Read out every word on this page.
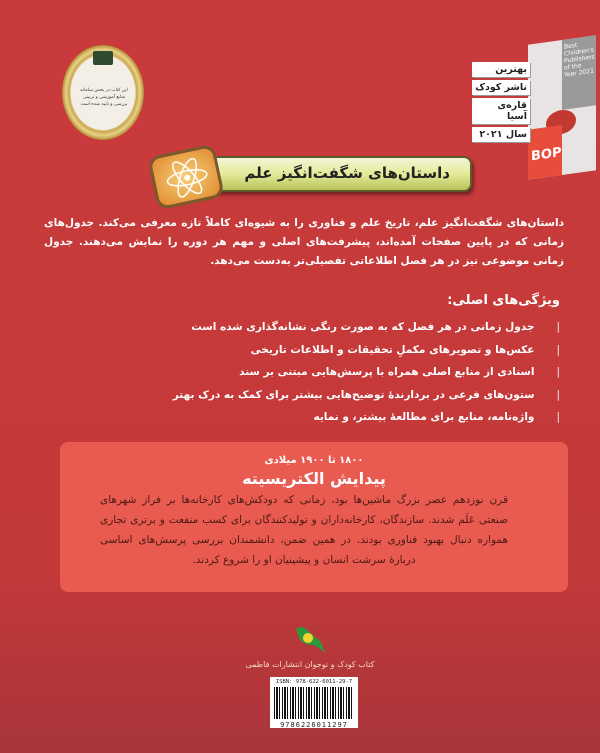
این کتاب در بخش سامانه منابع آموزشی و تربیتی بررسی و تایید شده است
Best Children's Publishers of the Year 2021
BOP
بهترین
ناشر کودک
قاره‌ی آسیا
سال ۲۰۲۱
داستان‌های شگفت‌انگیز علم

داستان‌های شگفت‌انگیز علم، تاریخ علم و فناوری را به شیوه‌ای کاملاً تازه معرفی می‌کند. جدول‌های زمانی که در پایین صفحات آمده‌اند، پیشرفت‌های اصلی و مهم هر دوره را نمایش می‌دهند. جدول زمانی موضوعی نیز در هر فصل اطلاعاتی تفصیلی‌تر به‌دست می‌دهد.

ویژگی‌های اصلی:
|
جدول زمانی در هر فصل که به صورت رنگی نشانه‌گذاری شده است
|
عکس‌ها و تصویرهای مکملِ تحقیقات و اطلاعات تاریخی
|
اسنادی از منابع اصلی همراه با پرسش‌هایی مبتنی بر سند
|
ستون‌های فرعی در بردارندهٔ توضیح‌هایی بیشتر برای کمک به درک بهتر
|
واژه‌نامه، منابع برای مطالعهٔ بیشتر، و نمایه
۱۸۰۰ تا ۱۹۰۰ میلادی
پیدایش الکتریسیته

قرن نوزدهم عصر بزرگ ماشین‌ها بود، زمانی که دودکش‌های کارخانه‌ها بر فراز شهرهای صنعتی عَلَم شدند. سازندگان، کارخانه‌داران و تولیدکنندگان برای کسب منفعت و برتری تجاری همواره دنبال بهبود فناوری بودند. در همین ضمن، دانشمندان بررسی پرسش‌های اساسی دربارهٔ سرشت انسان و پیشینیان او را شروع کردند.

کتاب کودک و نوجوان انتشارات فاطمی
ISBN: 978-622-6011-29-7
9786226011297
